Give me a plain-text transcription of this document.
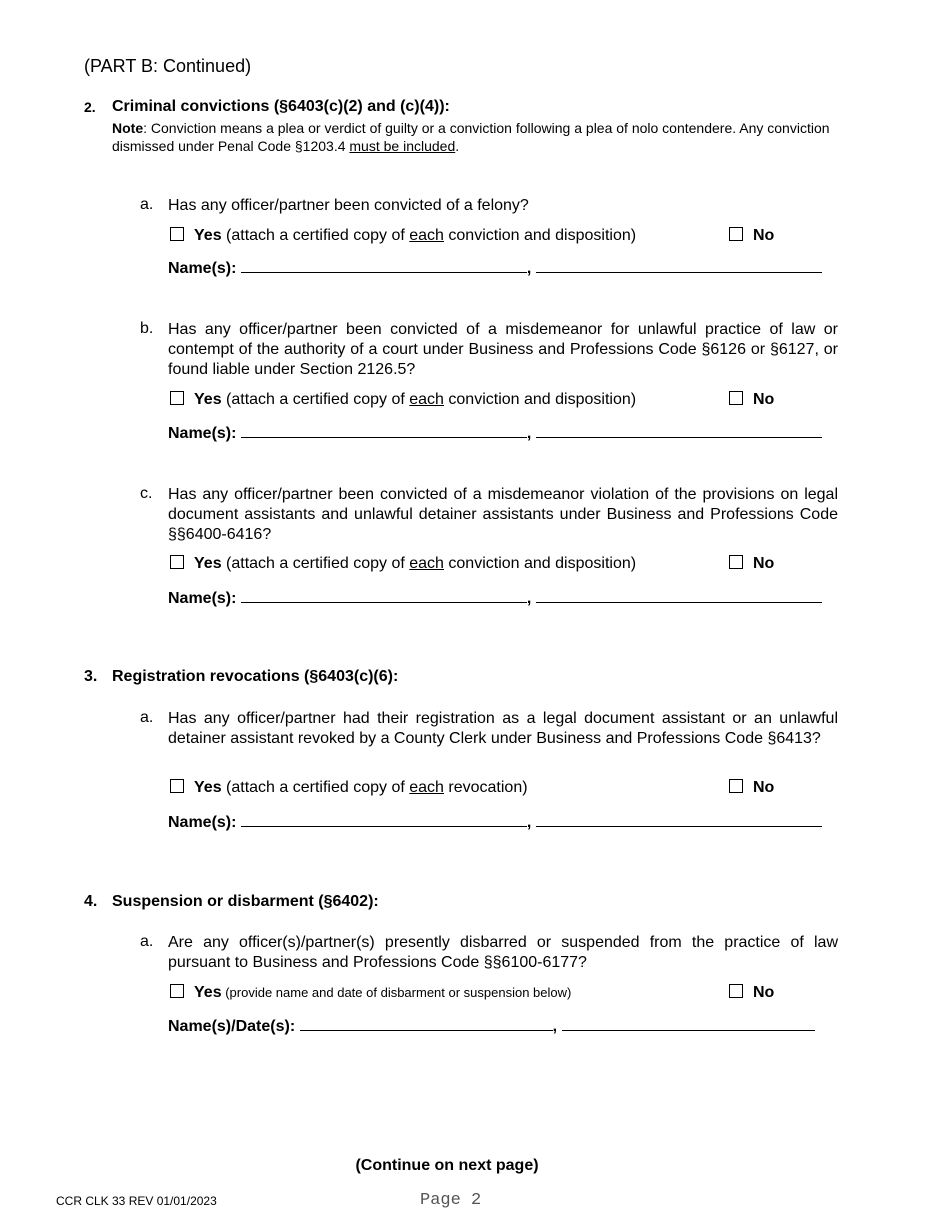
(PART B: Continued)
2.	Criminal convictions (§6403(c)(2) and (c)(4)):
Note: Conviction means a plea or verdict of guilty or a conviction following a plea of nolo contendere. Any conviction dismissed under Penal Code §1203.4 must be included.
a. Has any officer/partner been convicted of a felony?
Yes (attach a certified copy of each conviction and disposition)	No
Name(s):	,
b. Has any officer/partner been convicted of a misdemeanor for unlawful practice of law or contempt of the authority of a court under Business and Professions Code §6126 or §6127, or found liable under Section 2126.5?
Yes (attach a certified copy of each conviction and disposition)	No
Name(s):	,
c. Has any officer/partner been convicted of a misdemeanor violation of the provisions on legal document assistants and unlawful detainer assistants under Business and Professions Code §§6400-6416?
Yes (attach a certified copy of each conviction and disposition)	No
Name(s):	,
3. Registration revocations (§6403(c)(6):
a. Has any officer/partner had their registration as a legal document assistant or an unlawful detainer assistant revoked by a County Clerk under Business and Professions Code §6413?
Yes (attach a certified copy of each revocation)	No
Name(s):	,
4. Suspension or disbarment (§6402):
a. Are any officer(s)/partner(s) presently disbarred or suspended from the practice of law pursuant to Business and Professions Code §§6100-6177?
Yes (provide name and date of disbarment or suspension below)	No
Name(s)/Date(s):	,
(Continue on next page)
CCR CLK 33 REV 01/01/2023	Page 2
